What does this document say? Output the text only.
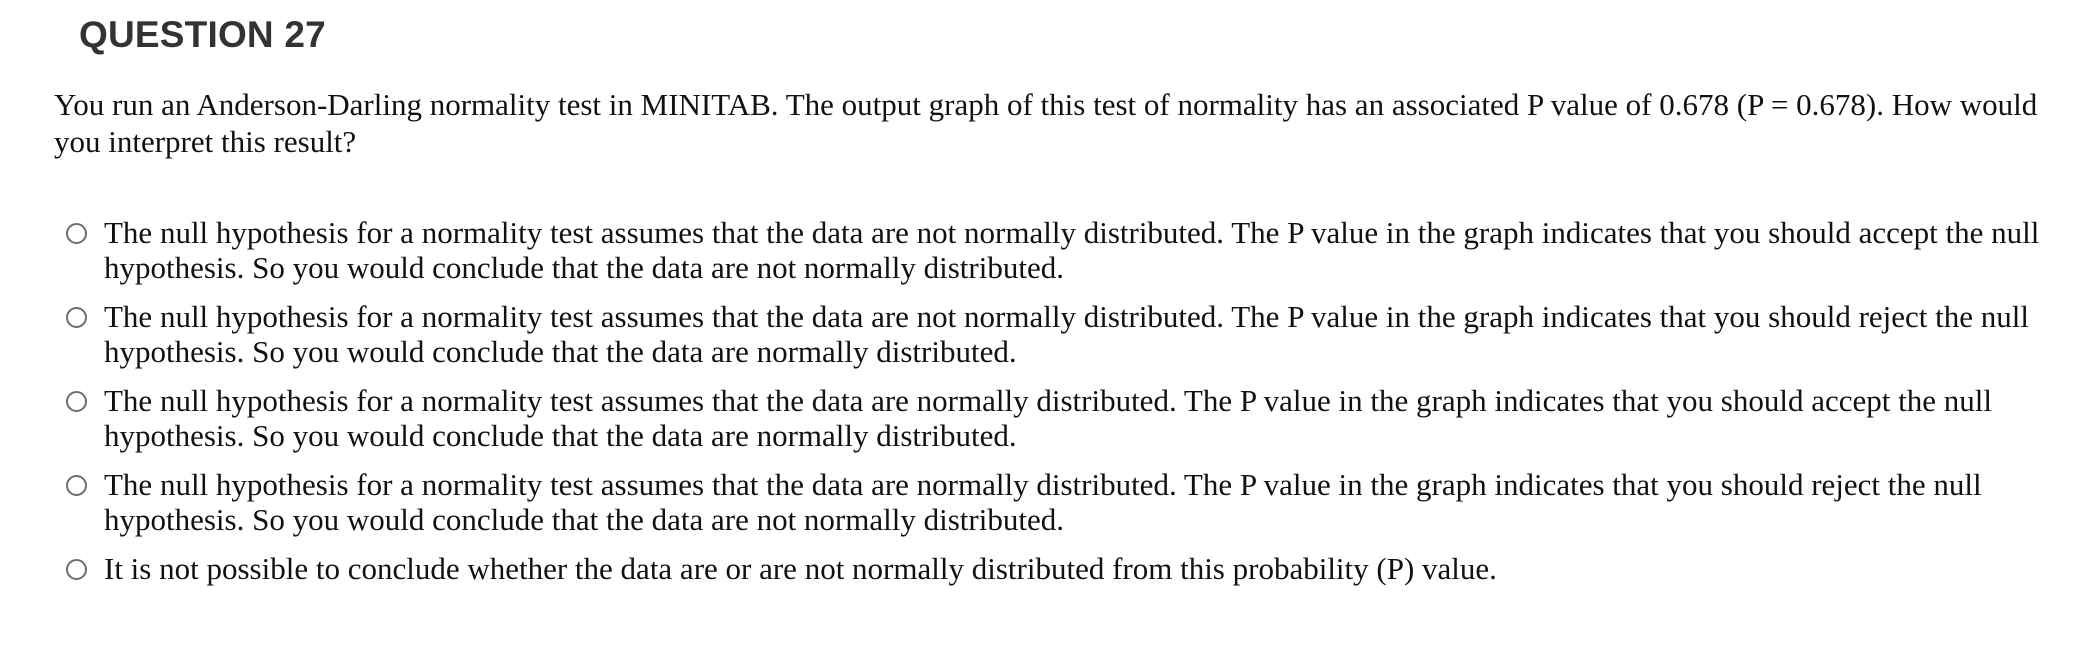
QUESTION 27
You run an Anderson-Darling normality test in MINITAB. The output graph of this test of normality has an associated P value of 0.678 (P = 0.678). How would you interpret this result?
The null hypothesis for a normality test assumes that the data are not normally distributed. The P value in the graph indicates that you should accept the null hypothesis. So you would conclude that the data are not normally distributed.
The null hypothesis for a normality test assumes that the data are not normally distributed. The P value in the graph indicates that you should reject the null hypothesis. So you would conclude that the data are normally distributed.
The null hypothesis for a normality test assumes that the data are normally distributed. The P value in the graph indicates that you should accept the null hypothesis. So you would conclude that the data are normally distributed.
The null hypothesis for a normality test assumes that the data are normally distributed. The P value in the graph indicates that you should reject the null hypothesis. So you would conclude that the data are not normally distributed.
It is not possible to conclude whether the data are or are not normally distributed from this probability (P) value.
